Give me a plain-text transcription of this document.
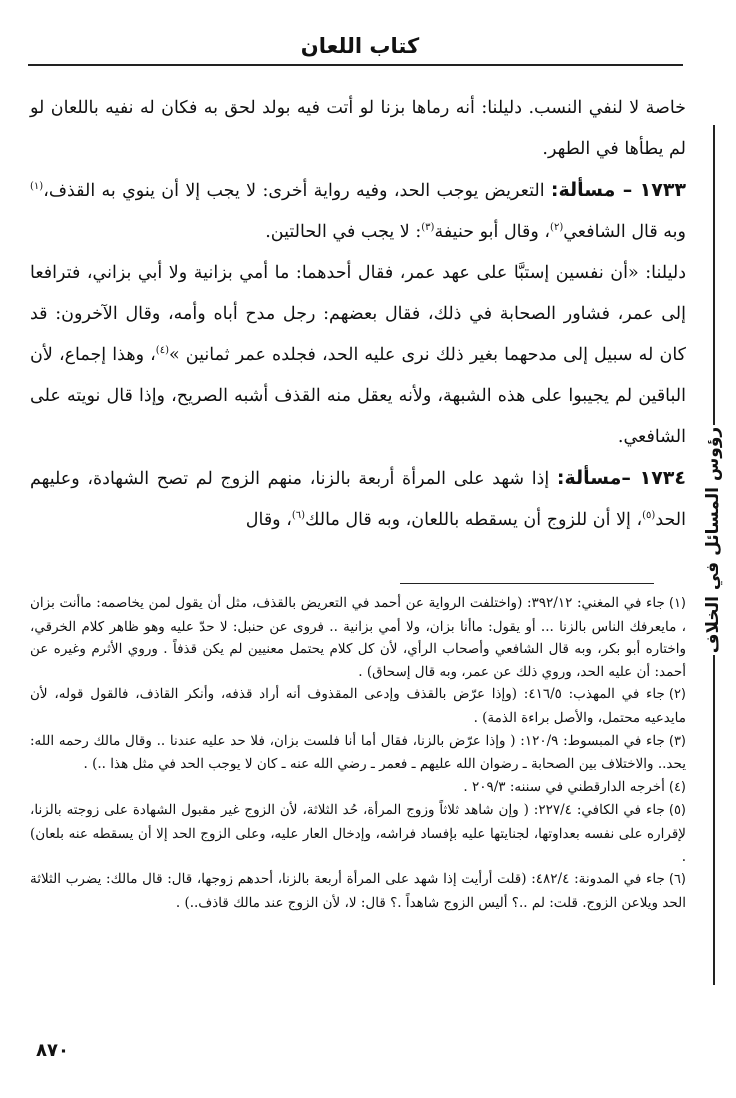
كتاب اللعان
رؤوس المسائل في الخلاف

خاصة لا لنفي النسب. دليلنا: أنه رماها بزنا لو أتت فيه بولد لحق به فكان له نفيه باللعان لو لم يطأها في الطهر.

١٧٣٣ – مسألة: التعريض يوجب الحد، وفيه رواية أخرى: لا يجب إلا أن ينوي به القذف،$^{(١)}$ وبه قال الشافعي$^{(٢)}$، وقال أبو حنيفة$^{(٣)}$: لا يجب في الحالتين.

دليلنا: «أن نفسين إستبَّا على عهد عمر، فقال أحدهما: ما أمي بزانية ولا أبي بزاني، فترافعا إلى عمر، فشاور الصحابة في ذلك، فقال بعضهم: رجل مدح أباه وأمه، وقال الآخرون: قد كان له سبيل إلى مدحهما بغير ذلك نرى عليه الحد، فجلده عمر ثمانين »$^{(٤)}$، وهذا إجماع، لأن الباقين لم يجيبوا على هذه الشبهة، ولأنه يعقل منه القذف أشبه الصريح، وإذا قال نويته على الشافعي.

١٧٣٤ –مسألة: إذا شهد على المرأة أربعة بالزنا، منهم الزوج لم تصح الشهادة، وعليهم الحد$^{(٥)}$، إلا أن للزوج أن يسقطه باللعان، وبه قال مالك$^{(٦)}$، وقال

(١)جاء في المغني: ٣٩٢/١٢: (واختلفت الرواية عن أحمد في التعريض بالقذف، مثل أن يقول لمن يخاصمه: ماأنت بزان ، مايعرفك الناس بالزنا ... أو يقول: ماأنا بزان، ولا أمي بزانية .. فروى عن حنبل: لا حدّ عليه وهو ظاهر كلام الخرقي، واختاره أبو بكر، وبه قال الشافعي وأصحاب الرأي، لأن كل كلام يحتمل معنيين لم يكن قذفاً . وروي الأثرم وغيره عن أحمد: أن عليه الحد، وروي ذلك عن عمر، وبه قال إسحاق) .

(٢)جاء في المهذب: ٤١٦/٥: (وإذا عرّض بالقذف وإدعى المقذوف أنه أراد قذفه، وأنكر القاذف، فالقول قوله، لأن مايدعيه محتمل، والأصل براءة الذمة) .

(٣)جاء في المبسوط: ١٢٠/٩: ( وإذا عرّض بالزنا، فقال أما أنا فلست بزان، فلا حد عليه عندنا .. وقال مالك رحمه الله: يحد.. والاختلاف بين الصحابة ـ رضوان الله عليهم ـ فعمر ـ رضي الله عنه ـ كان لا يوجب الحد في مثل هذا ..) .

(٤)أخرجه الدارقطني في سننه: ٢٠٩/٣ .

(٥)جاء في الكافي: ٢٢٧/٤: ( وإن شاهد ثلاثاً وزوج المرأة، حُد الثلاثة، لأن الزوج غير مقبول الشهادة على زوجته بالزنا، لإقراره على نفسه بعداوتها، لجنايتها عليه بإفساد فراشه، وإدخال العار عليه، وعلى الزوج الحد إلا أن يسقطه عنه بلعان) .

(٦)جاء في المدونة: ٤٨٢/٤: (قلت أرأيت إذا شهد على المرأة أربعة بالزنا، أحدهم زوجها، قال: قال مالك: يضرب الثلاثة الحد ويلاعن الزوج. قلت: لم ..؟ أليس الزوج شاهداً .؟ قال: لا، لأن الزوج عند مالك قاذف..) .

٨٧٠
